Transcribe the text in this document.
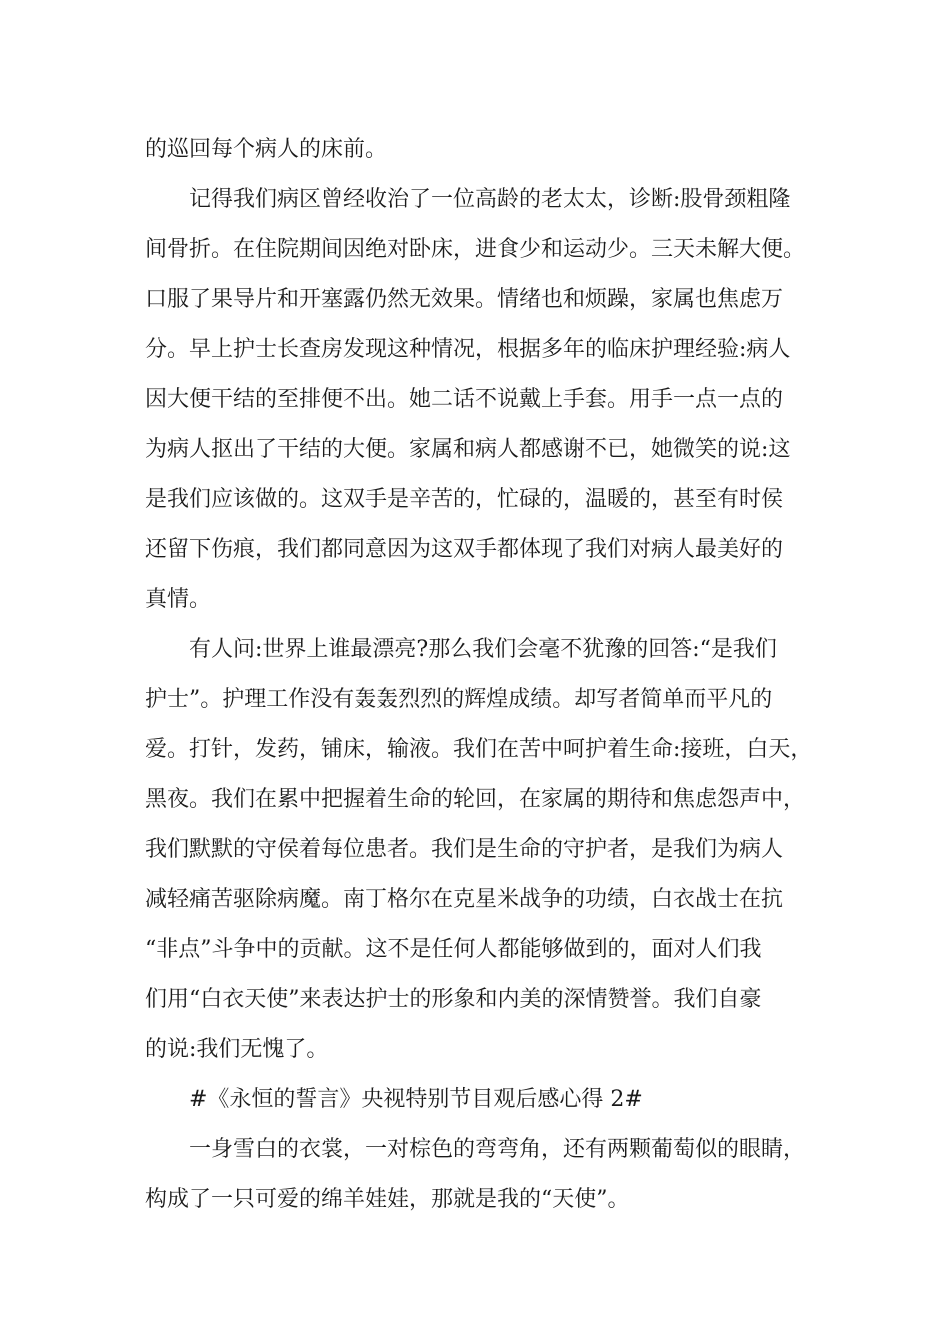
的巡回每个病人的床前。
记得我们病区曾经收治了一位高龄的老太太，诊断:股骨颈粗隆
间骨折。在住院期间因绝对卧床，进食少和运动少。三天未解大便。
口服了果导片和开塞露仍然无效果。情绪也和烦躁，家属也焦虑万
分。早上护士长查房发现这种情况，根据多年的临床护理经验:病人
因大便干结的至排便不出。她二话不说戴上手套。用手一点一点的
为病人抠出了干结的大便。家属和病人都感谢不已，她微笑的说:这
是我们应该做的。这双手是辛苦的，忙碌的，温暖的，甚至有时侯
还留下伤痕，我们都同意因为这双手都体现了我们对病人最美好的
真情。
有人问:世界上谁最漂亮?那么我们会毫不犹豫的回答:“是我们
护士”。护理工作没有轰轰烈烈的辉煌成绩。却写者简单而平凡的
爱。打针，发药，铺床，输液。我们在苦中呵护着生命:接班，白天，
黑夜。我们在累中把握着生命的轮回，在家属的期待和焦虑怨声中，
我们默默的守侯着每位患者。我们是生命的守护者，是我们为病人
减轻痛苦驱除病魔。南丁格尔在克星米战争的功绩，白衣战士在抗
“非点”斗争中的贡献。这不是任何人都能够做到的，面对人们我
们用“白衣天使”来表达护士的形象和内美的深情赞誉。我们自豪
的说:我们无愧了。
#《永恒的誓言》央视特别节目观后感心得 2#
一身雪白的衣裳，一对棕色的弯弯角，还有两颗葡萄似的眼睛，
构成了一只可爱的绵羊娃娃，那就是我的“天使”。
